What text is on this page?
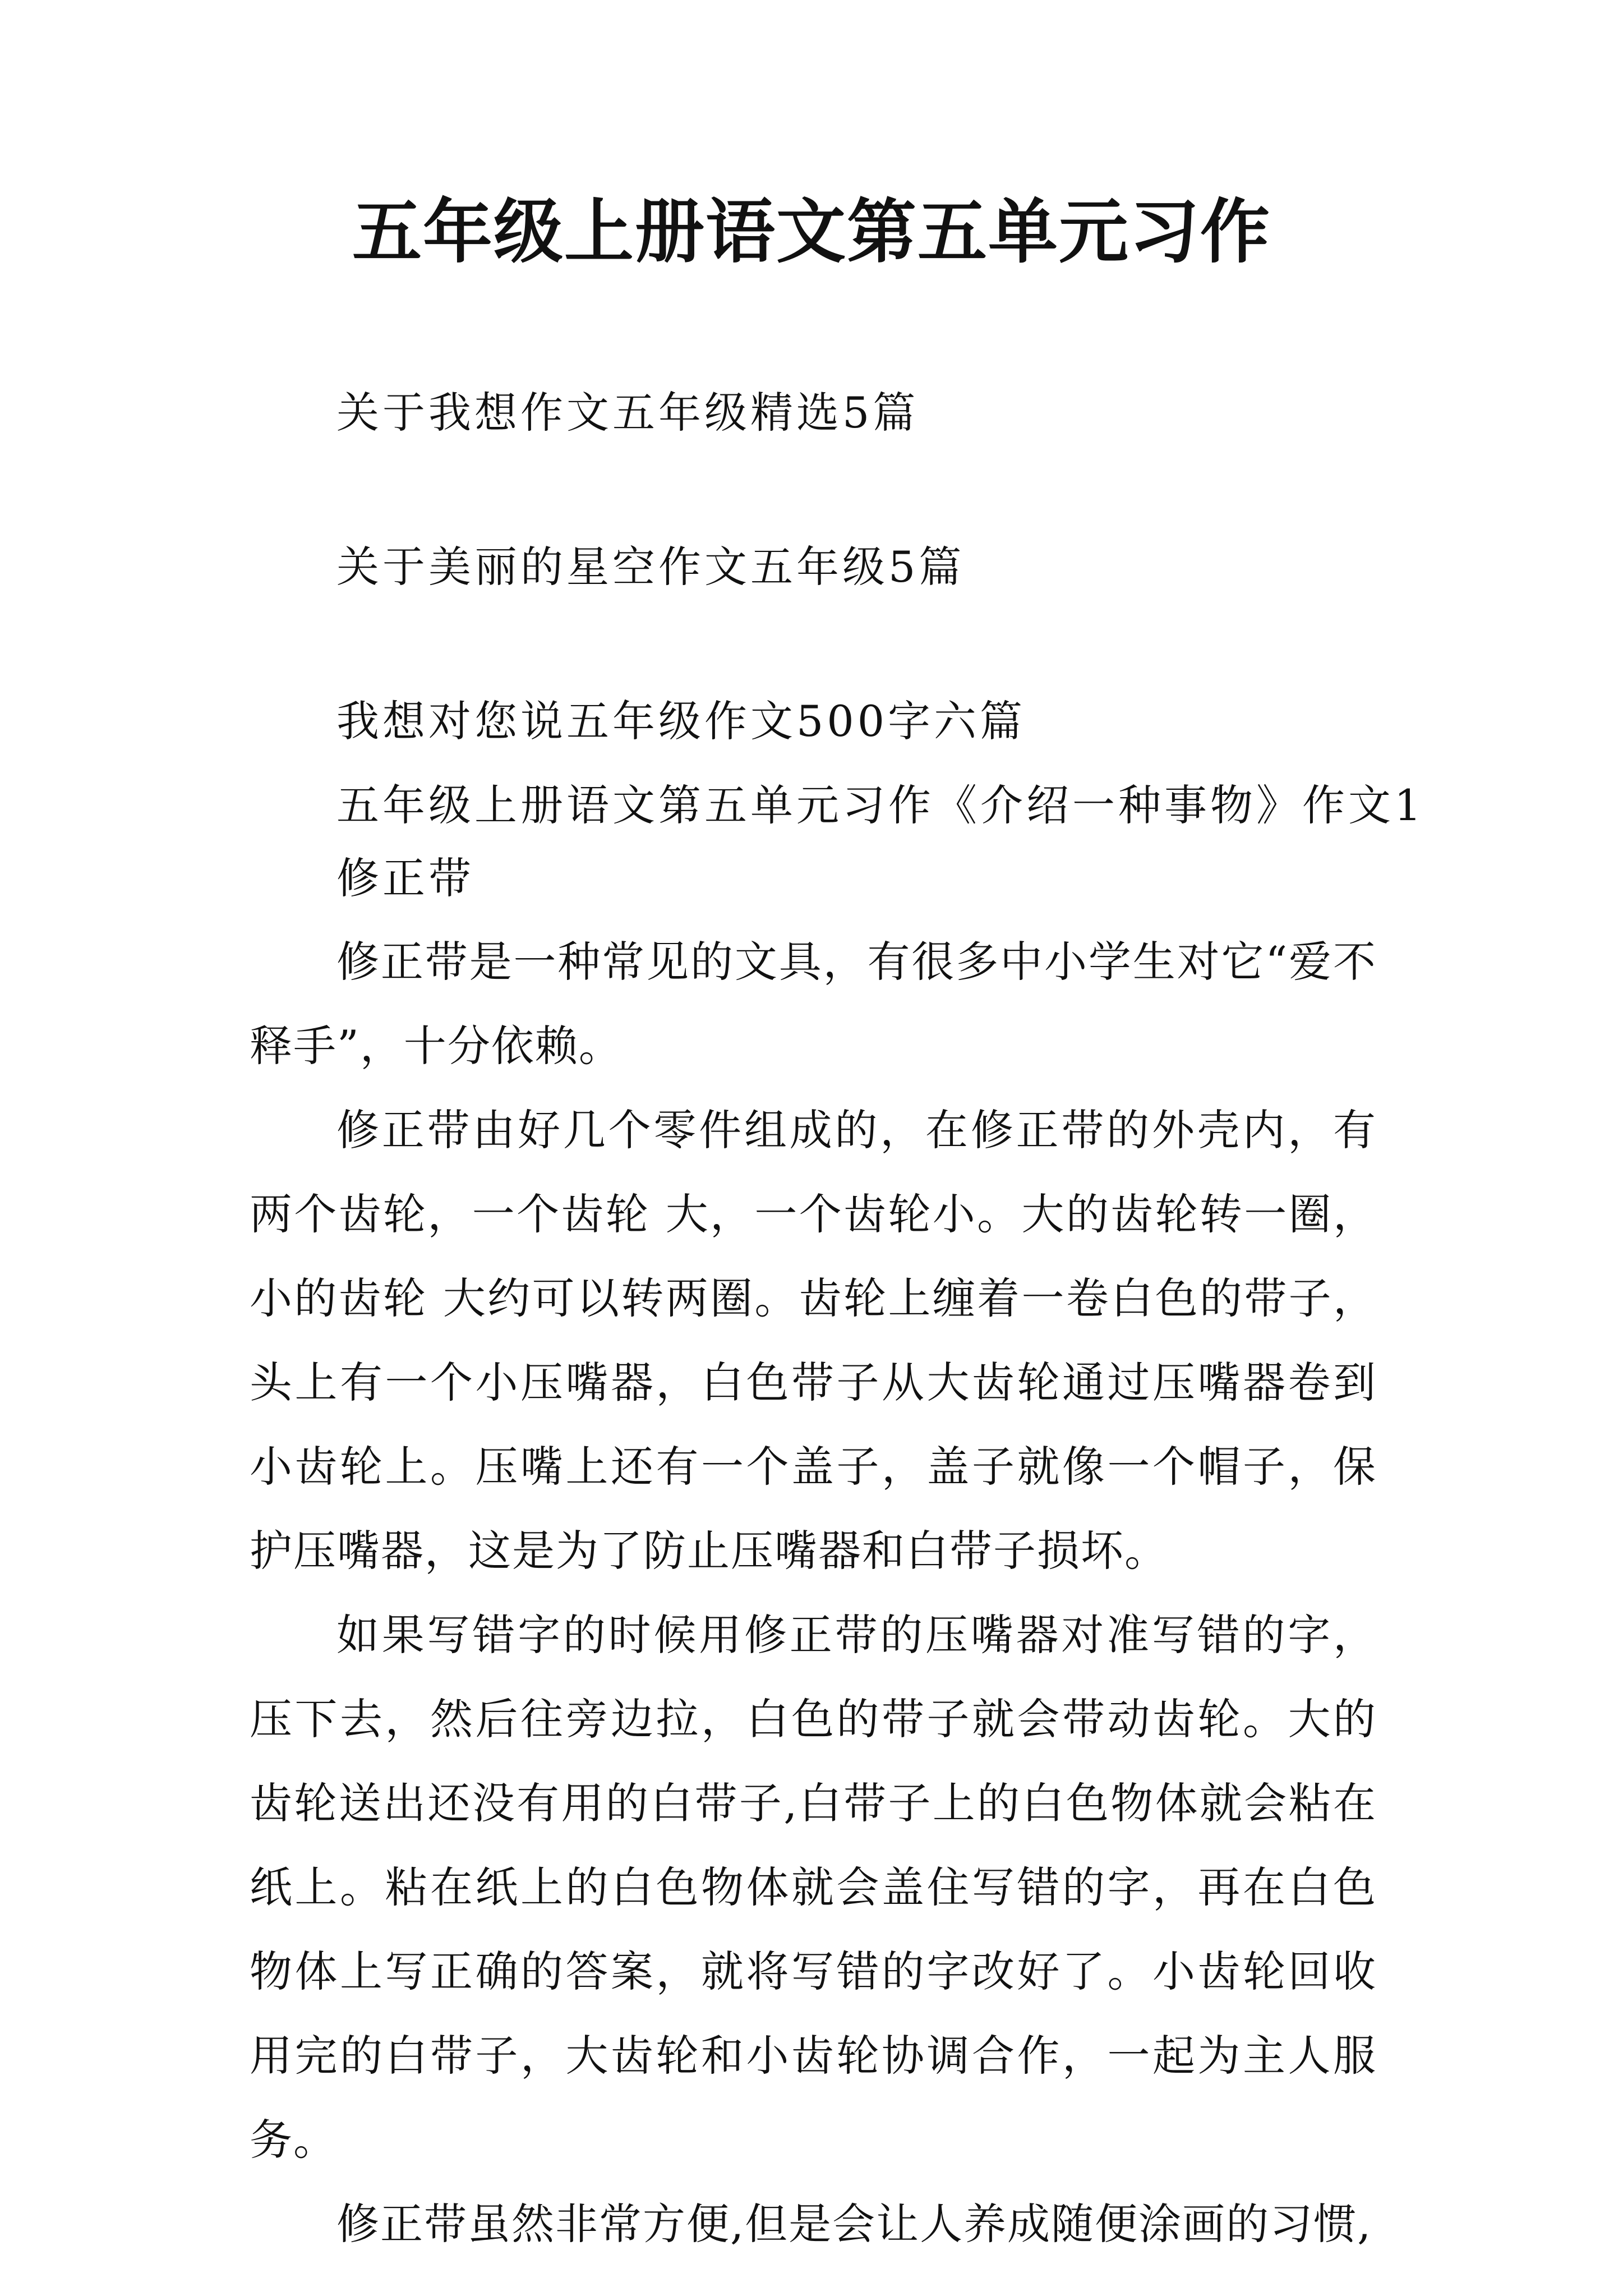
五年级上册语文第五单元习作
关于我想作文五年级精选5篇
关于美丽的星空作文五年级5篇
我想对您说五年级作文500字六篇
五年级上册语文第五单元习作《介绍一种事物》作文1
修正带

修正带是一种常见的文具，有很多中小学生对它“爱不释手”，十分依赖。

修正带由好几个零件组成的，在修正带的外壳内，有两个齿轮，一个齿轮 大，一个齿轮小。大的齿轮转一圈，小的齿轮 大约可以转两圈。齿轮上缠着一卷白色的带子，头上有一个小压嘴器，白色带子从大齿轮通过压嘴器卷到小齿轮上。压嘴上还有一个盖子，盖子就像一个帽子，保护压嘴器，这是为了防止压嘴器和白带子损坏。

如果写错字的时候用修正带的压嘴器对准写错的字，压下去，然后往旁边拉，白色的带子就会带动齿轮。大的齿轮送出还没有用的白带子,白带子上的白色物体就会粘在纸上。粘在纸上的白色物体就会盖住写错的字，再在白色物体上写正确的答案，就将写错的字改好了。小齿轮回收用完的白带子，大齿轮和小齿轮协调合作，一起为主人服务。

修正带虽然非常方便,但是会让人养成随便涂画的习惯,
